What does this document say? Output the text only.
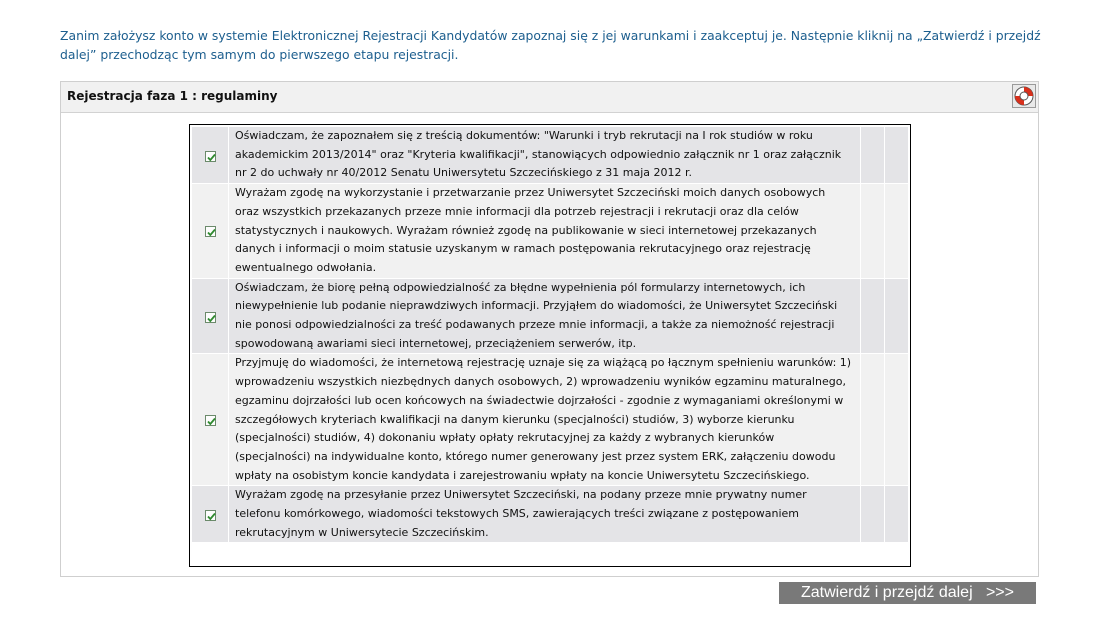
Zanim założysz konto w systemie Elektronicznej Rejestracji Kandydatów zapoznaj się z jej warunkami i zaakceptuj je. Następnie kliknij na „Zatwierdź i przejdź dalej” przechodząc tym samym do pierwszego etapu rejestracji.

Rejestracja faza 1 : regulaminy
	Oświadczam, że zapoznałem się z treścią dokumentów: "Warunki i tryb rekrutacji na I rok studiów w roku akademickim 2013/2014" oraz "Kryteria kwalifikacji", stanowiących odpowiednio załącznik nr 1 oraz załącznik nr 2 do uchwały nr 40/2012 Senatu Uniwersytetu Szczecińskiego z 31 maja 2012 r.		

	Wyrażam zgodę na wykorzystanie i przetwarzanie przez Uniwersytet Szczeciński moich danych osobowych oraz wszystkich przekazanych przeze mnie informacji dla potrzeb rejestracji i rekrutacji oraz dla celów statystycznych i naukowych. Wyrażam również zgodę na publikowanie w sieci internetowej przekazanych danych i informacji o moim statusie uzyskanym w ramach postępowania rekrutacyjnego oraz rejestrację ewentualnego odwołania.		

	Oświadczam, że biorę pełną odpowiedzialność za błędne wypełnienia pól formularzy internetowych, ich niewypełnienie lub podanie nieprawdziwych informacji. Przyjąłem do wiadomości, że Uniwersytet Szczeciński nie ponosi odpowiedzialności za treść podawanych przeze mnie informacji, a także za niemożność rejestracji spowodowaną awariami sieci internetowej, przeciążeniem serwerów, itp.		

	Przyjmuję do wiadomości, że internetową rejestrację uznaje się za wiążącą po łącznym spełnieniu warunków: 1) wprowadzeniu wszystkich niezbędnych danych osobowych, 2) wprowadzeniu wyników egzaminu maturalnego, egzaminu dojrzałości lub ocen końcowych na świadectwie dojrzałości - zgodnie z wymaganiami określonymi w szczegółowych kryteriach kwalifikacji na danym kierunku (specjalności) studiów, 3) wyborze kierunku (specjalności) studiów, 4) dokonaniu wpłaty opłaty rekrutacyjnej za każdy z wybranych kierunków (specjalności) na indywidualne konto, którego numer generowany jest przez system ERK, załączeniu dowodu wpłaty na osobistym koncie kandydata i zarejestrowaniu wpłaty na koncie Uniwersytetu Szczecińskiego.		

	Wyrażam zgodę na przesyłanie przez Uniwersytet Szczeciński, na podany przeze mnie prywatny numer telefonu komórkowego, wiadomości tekstowych SMS, zawierających treści związane z postępowaniem rekrutacyjnym w Uniwersytecie Szczecińskim.		
Zatwierdź i przejdź dalej   >>>
